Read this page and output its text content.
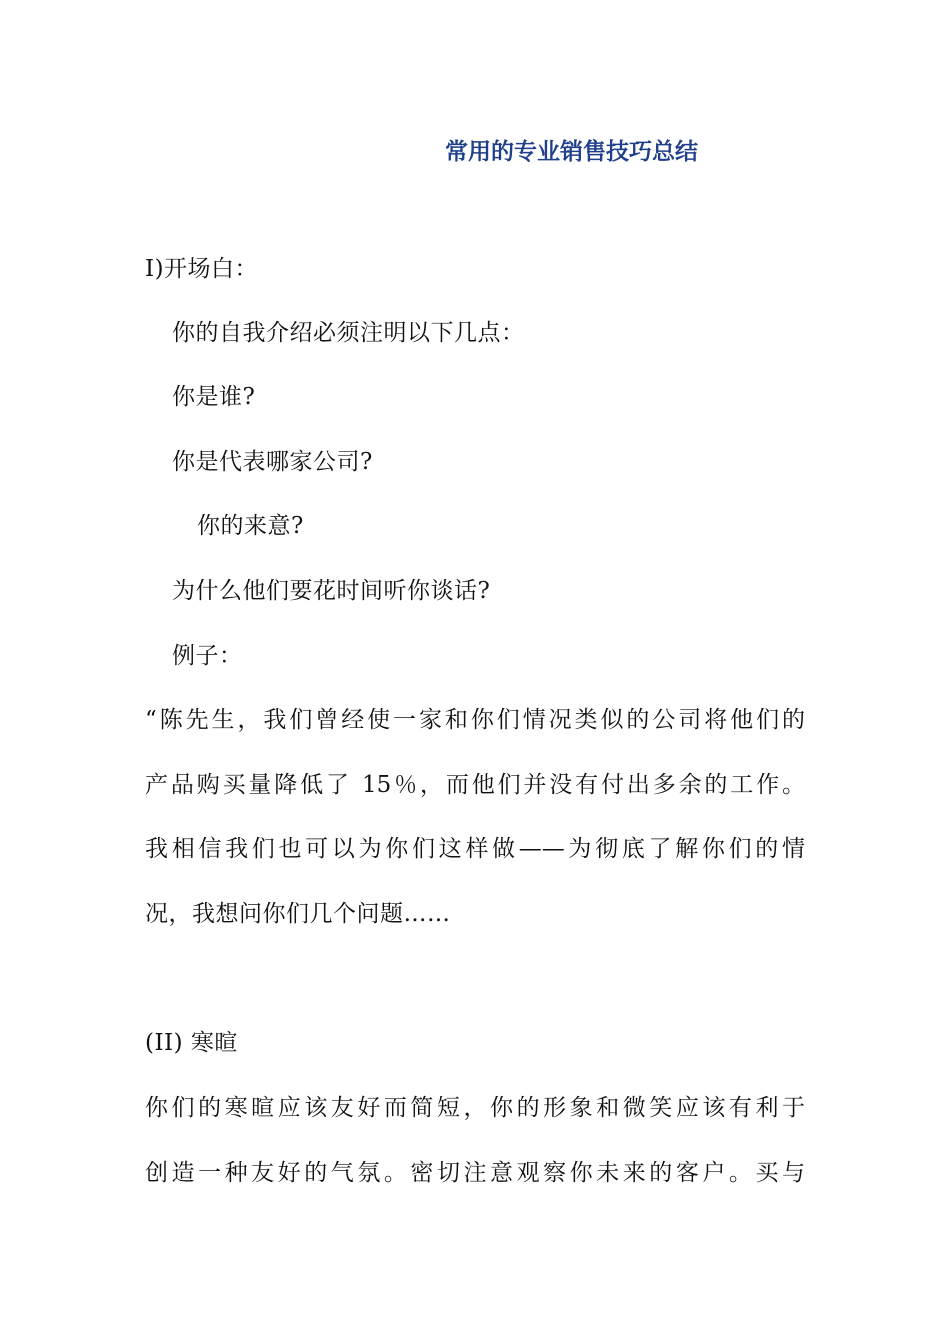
常用的专业销售技巧总结
I)开场白：
你的自我介绍必须注明以下几点：
你是谁?
你是代表哪家公司?
你的来意?
为什么他们要花时间听你谈话?
例子：
“陈先生，我们曾经使一家和你们情况类似的公司将他们的
产品购买量降低了 15％，而他们并没有付出多余的工作。
我相信我们也可以为你们这样做——为彻底了解你们的情
况，我想问你们几个问题……
(II) 寒暄
你们的寒暄应该友好而简短，你的形象和微笑应该有利于
创造一种友好的气氛。密切注意观察你未来的客户。买与
